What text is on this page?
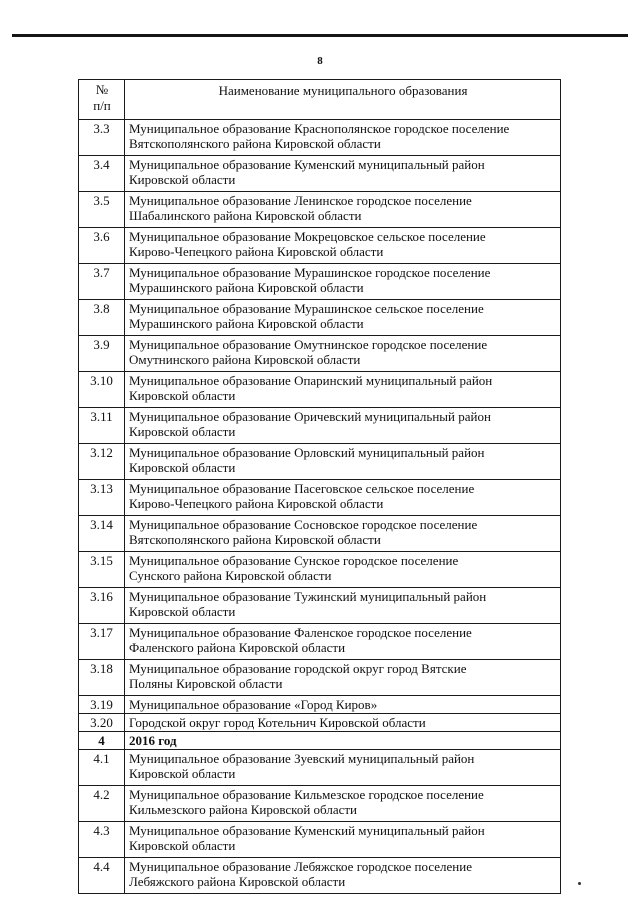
8
№
п/п	Наименование муниципального образования
3.3	Муниципальное образование Краснополянское городское поселение
Вятскополянского района Кировской области
3.4	Муниципальное образование Куменский муниципальный район
Кировской области
3.5	Муниципальное образование Ленинское городское поселение
Шабалинского района Кировской области
3.6	Муниципальное образование Мокрецовское сельское поселение
Кирово-Чепецкого района Кировской области
3.7	Муниципальное образование Мурашинское городское поселение
Мурашинского района Кировской области
3.8	Муниципальное образование Мурашинское сельское поселение
Мурашинского района Кировской области
3.9	Муниципальное образование Омутнинское городское поселение
Омутнинского района Кировской области
3.10	Муниципальное образование Опаринский муниципальный район
Кировской области
3.11	Муниципальное образование Оричевский муниципальный район
Кировской области
3.12	Муниципальное образование Орловский муниципальный район
Кировской области
3.13	Муниципальное образование Пасеговское сельское поселение
Кирово-Чепецкого района Кировской области
3.14	Муниципальное образование Сосновское городское поселение
Вятскополянского района Кировской области
3.15	Муниципальное образование Сунское городское поселение
Сунского района Кировской области
3.16	Муниципальное образование Тужинский муниципальный район
Кировской области
3.17	Муниципальное образование Фаленское городское поселение
Фаленского района Кировской области
3.18	Муниципальное образование городской округ город Вятские
Поляны Кировской области
3.19	Муниципальное образование «Город Киров»
3.20	Городской округ город Котельнич Кировской области
4	2016 год
4.1	Муниципальное образование Зуевский муниципальный район
Кировской области
4.2	Муниципальное образование Кильмезское городское поселение
Кильмезского района Кировской области
4.3	Муниципальное образование Куменский муниципальный район
Кировской области
4.4	Муниципальное образование Лебяжское городское поселение
Лебяжского района Кировской области
